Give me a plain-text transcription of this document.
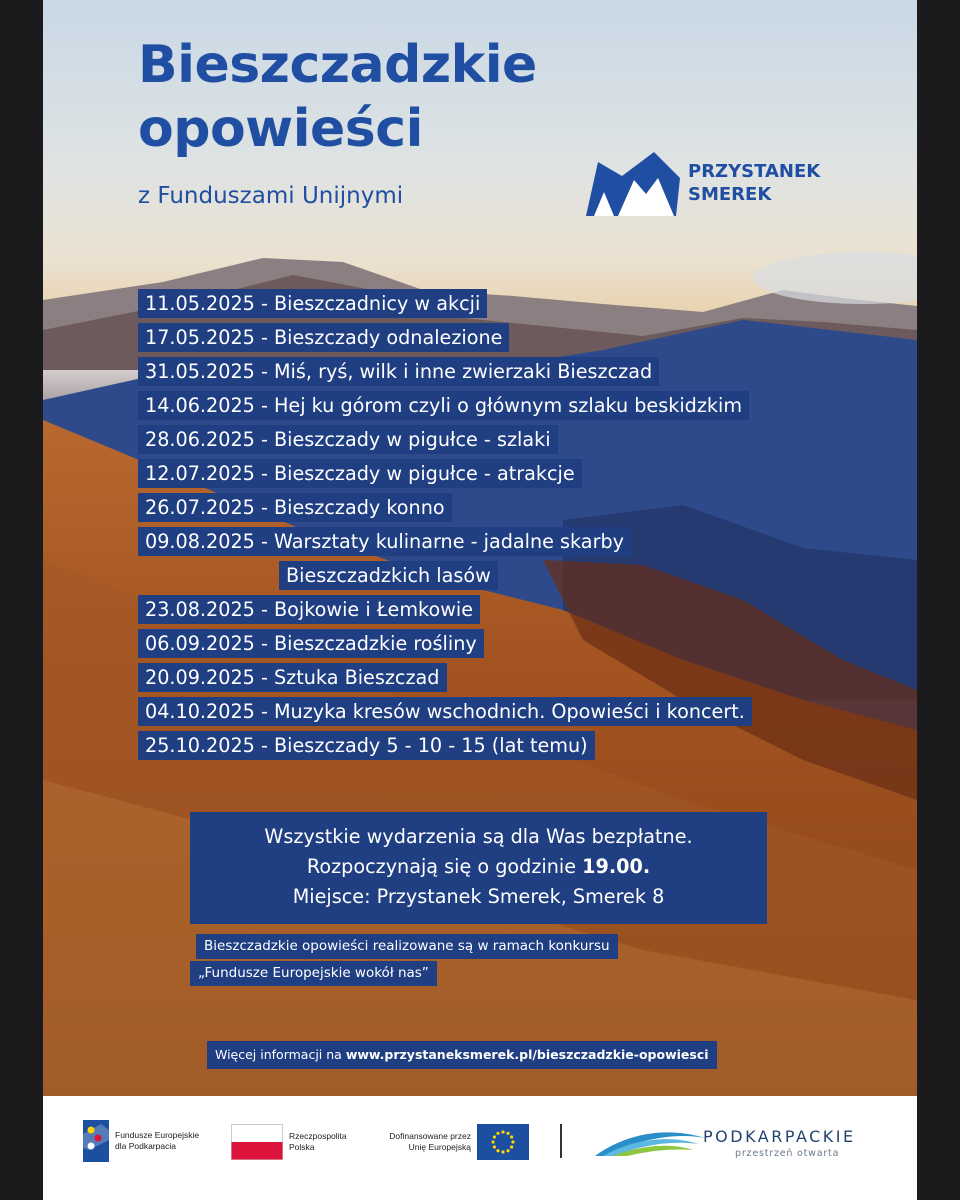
Bieszczadzkie opowieści
z Funduszami Unijnymi
PRZYSTANEK
SMEREK
11.05.2025 - Bieszczadnicy w akcji
17.05.2025 - Bieszczady odnalezione
31.05.2025 - Miś, ryś, wilk i inne zwierzaki Bieszczad
14.06.2025 - Hej ku górom czyli o głównym szlaku beskidzkim
28.06.2025 - Bieszczady w pigułce - szlaki
12.07.2025 - Bieszczady w pigułce - atrakcje
26.07.2025 - Bieszczady konno
09.08.2025 - Warsztaty kulinarne - jadalne skarby
Bieszczadzkich lasów
23.08.2025 - Bojkowie i Łemkowie
06.09.2025 - Bieszczadzkie rośliny
20.09.2025 - Sztuka Bieszczad
04.10.2025 - Muzyka kresów wschodnich. Opowieści i koncert.
25.10.2025 - Bieszczady 5 - 10 - 15 (lat temu)
Wszystkie wydarzenia są dla Was bezpłatne.
Rozpoczynają się o godzinie 19.00.
Miejsce: Przystanek Smerek, Smerek 8
Bieszczadzkie opowieści realizowane są w ramach konkursu
„Fundusze Europejskie wokół nas”
Więcej informacji na www.przystaneksmerek.pl/bieszczadzkie-opowiesci
Fundusze Europejskie
dla Podkarpacia
Rzeczpospolita
Polska
Dofinansowane przez
Unię Europejską
PODKARPACKIE
przestrzeń otwarta
